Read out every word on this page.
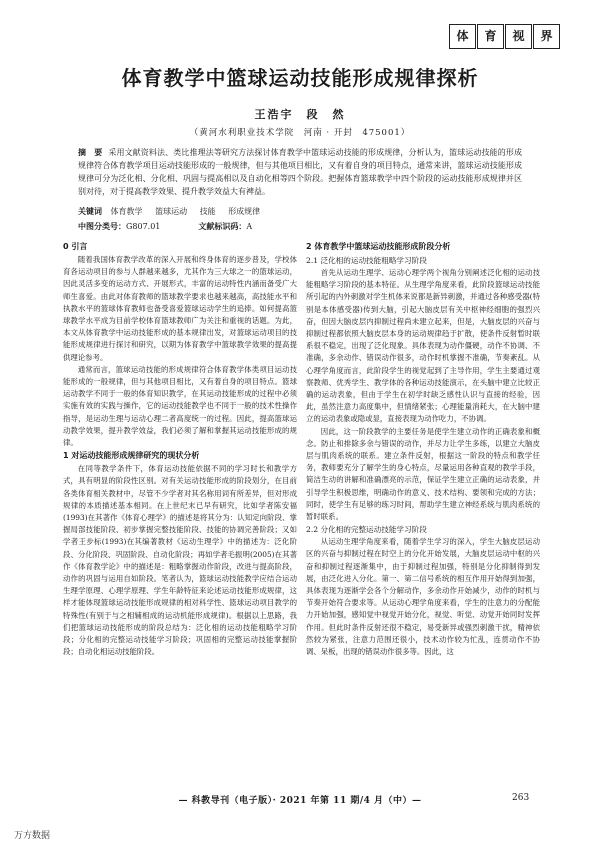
体	育	视	界
体育教学中篮球运动技能形成规律探析
王浩宇　段　然
（黄河水利职业技术学院　河南 · 开封　475001）
摘　要 采用文献资料法、类比推理法等研究方法探讨体育教学中篮球运动技能的形成规律，分析认为，篮球运动技能的形成规律符合体育教学项目运动技能形成的一般规律，但与其他项目相比，又有着自身的项目特点，通常来讲，篮球运动技能形成规律可分为泛化相、分化相、巩固与提高相以及自动化相等四个阶段。把握体育篮球教学中四个阶段的运动技能形成规律并区别对待，对于提高教学效果、提升教学效益大有裨益。
关键词 体育教学 篮球运动 技能 形成规律
中图分类号：G807.01	文献标识码：A
0 引言

随着我国体育教学改革的深入开展和终身体育的逐步普及，学校体育各运动项目的参与人群越来越多，尤其作为三大球之一的篮球运动，因此灵活多变的运动方式、开展形式，丰富的运动特性内涵而备受广大师生喜爱。由此对体育教师的篮球教学要求也越来越高，高技能水平和执教水平的篮球体育教师也备受喜爱篮球运动学生的追捧。如何提高篮球教学水平成为目前学校体育篮球教师广为关注和重视的话题。为此，本文从体育教学中运动技能形成的基本规律出发，对篮球运动项目的技能形成规律进行探讨和研究，以期为体育教学中篮球教学效果的提高提供理论参考。

通常而言，篮球运动技能的形成规律符合体育教学体类项目运动技能形成的一般规律，但与其他项目相比，又有着自身的项目特点。篮球运动教学不同于一般的体育知识教学，在其运动技能形成的过程中必须实施有效的实践与操作，它的运动技能教学也不同于一般的技术性操作指导，是运动生理与运动心理二者高度统一的过程。因此，提高篮球运动教学效果，提升教学效益，我们必须了解和掌握其运动技能形成的规律。

1 对运动技能形成规律研究的现状分析

在同等教学条件下，体育运动技能依据不同的学习时长和教学方式，具有明显的阶段性区别。对有关运动技能形成的阶段划分，在目前各类体育相关教材中，尽管不少学者对其名称用词有所差异，但对形成规律的本质描述基本相同。在上世纪末已早有研究，比如学者陈安福(1993)在其著作《体育心理学》的描述是将其分为：认知定向阶段、掌握局部技能阶段、初步掌握完整技能阶段、技能的协调完善阶段；又如学者王步标(1993)在其编著教材《运动生理学》中的描述为：泛化阶段、分化阶段、巩固阶段、自动化阶段；再如学者毛振明(2005)在其著作《体育教学论》中的描述是：粗略掌握动作阶段，改进与提高阶段，动作的巩固与运用自如阶段。笔者认为，篮球运动技能教学应结合运动生理学原理、心理学原理、学生年龄特征来论述运动技能形成规律，这样才能体现篮球运动技能形成规律的相对科学性、篮球运动项目教学的特殊性(有别于与之相辅相成的运动机能形成规律)。根据以上思路，我们把篮球运动技能形成的阶段总结为：泛化相的运动技能粗略学习阶段；分化相的完整运动技能学习阶段；巩固相的完整运动技能掌握阶段；自动化相运动技能阶段。

2 体育教学中篮球运动技能形成阶段分析
2.1 泛化相的运动技能粗略学习阶段

首先从运动生理学、运动心理学两个视角分别阐述泛化相的运动技能粗略学习阶段的基本特征。从生理学角度来看，此阶段篮球运动技能所引起的内外刺激对学生机体来说都是新异刺激，并通过各种感受器(特别是本体感受器)传到大脑，引起大脑皮层有关中枢神经细胞的强烈兴奋，但因大脑皮层内抑制过程尚未建立起来，但是，大脑皮层的兴奋与抑制过程都依照大脑皮层本身的运动规律趋于扩散，使条件反射暂时联系很不稳定，出现了泛化现象。具体表现为动作僵硬，动作不协调、不准确，多余动作、错误动作很多，动作时机掌握不准确，节奏紊乱。从心理学角度而言，此阶段学生的视觉起到了主导作用，学生主要通过观察教师、优秀学生、教学体的各种运动技能演示，在头脑中建立比较正确的运动表象，但由于学生在初学时缺乏感性认识与直接的经验，因此，虽然注意力高度集中，但情绪紧张；心理能量消耗大，在大脑中建立的运动表象或隐或显，直接表现为动作吃力，不协调。

因此，这一阶段教学的主要任务是使学生建立动作的正确表象和概念。防止和排除多余与错误的动作，并尽力让学生多练，以建立大脑皮层与肌肉系统的联系。建立条件反射，根据这一阶段的特点和教学任务，教师要充分了解学生的身心特点，尽量运用各种直观的教学手段，简洁生动的讲解和准确漂亮的示范，保证学生建立正确的运动表象，并引导学生积极思维，明确动作的意义、技术结构、要领和完成的方法；同时，使学生有足够的练习时间，帮助学生建立神经系统与肌肉系统的暂时联系。

2.2 分化相的完整运动技能学习阶段

从运动生理学角度来看，随着学生学习的深入，学生大脑皮层运动区的兴奋与抑制过程在时空上的分化开始发展，大脑皮层运动中枢的兴奋和抑制过程逐渐集中，由于抑制过程加强，特别是分化抑制得到发展，由泛化进入分化。第一、第二信号系统的相互作用开始得到加强，具体表现为逐渐学会各个分解动作，多余动作开始减少，动作的时机与节奏开始符合要求等。从运动心理学角度来看，学生的注意力的分配能力开始加强，感知觉中视觉开始分化，视觉、听觉、动觉开始同时发挥作用。但此时条件反射还很不稳定，易受新异或强烈刺激干扰，精神依然较为紧张，注意力范围还很小，技术动作较为忙乱，连贯动作不协调、呆板，出现的错误动作很多等。因此，这

— 科教导刊（电子版）· 2021 年第 11 期/4 月（中）—	263
万方数据
